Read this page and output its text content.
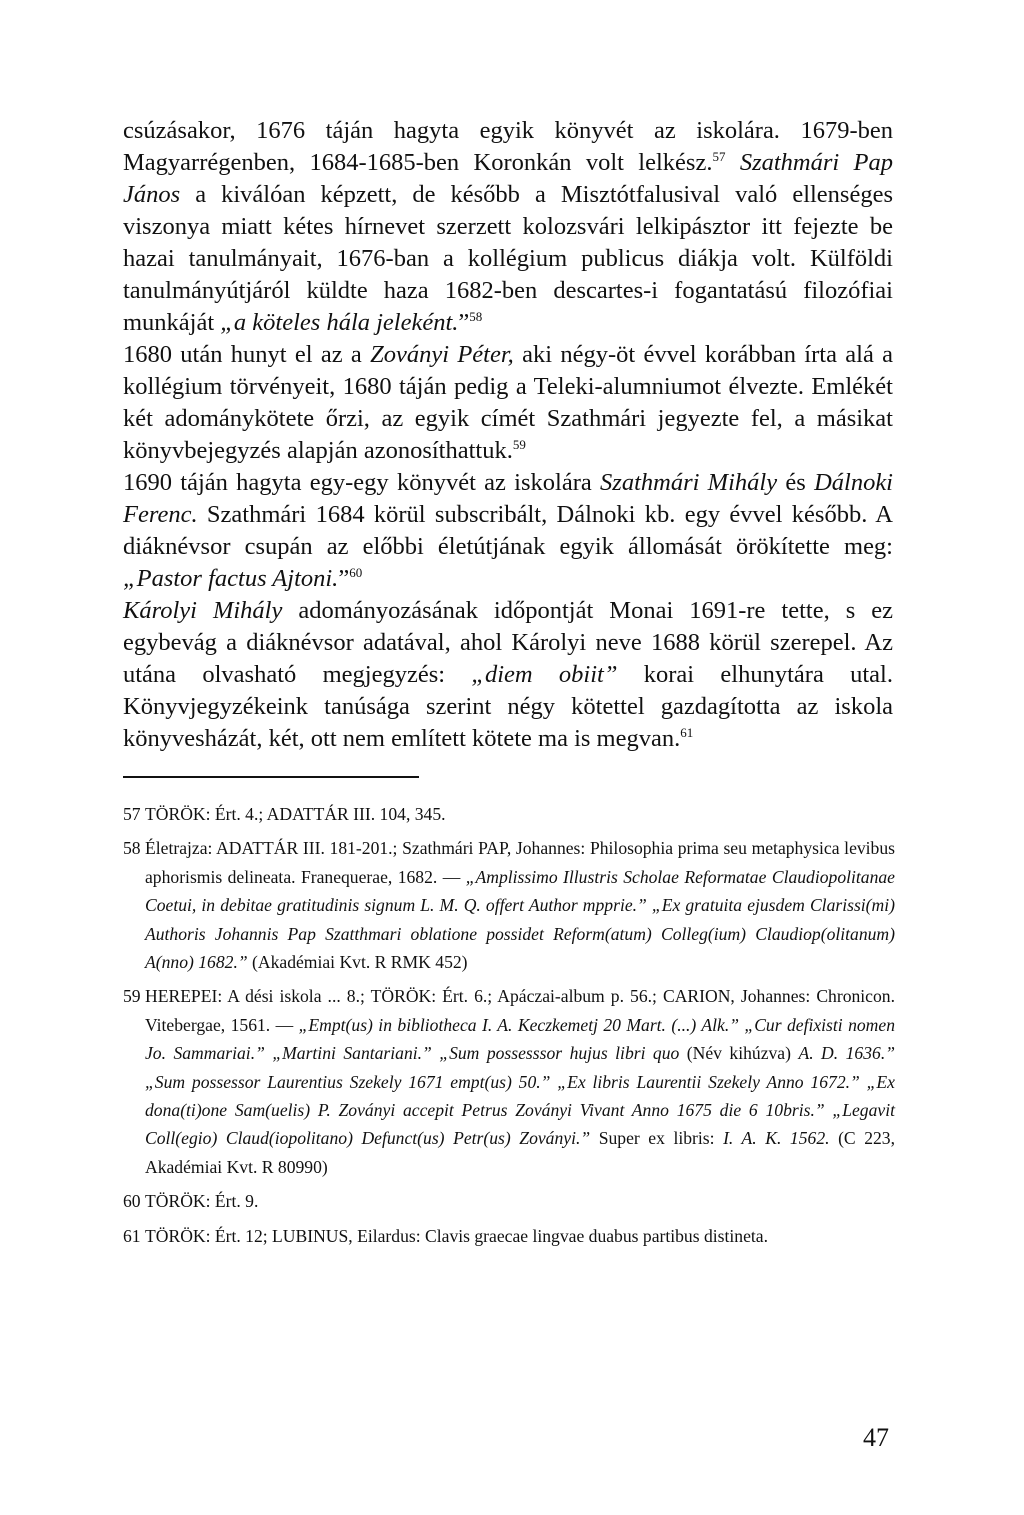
csúzásakor, 1676 táján hagyta egyik könyvét az iskolára. 1679-ben Magyarrégenben, 1684-1685-ben Koronkán volt lelkész.$^{57}$ Szathmári Pap János a kiválóan képzett, de később a Misztótfalusival való ellenséges viszonya miatt kétes hírnevet szerzett kolozsvári lelkipásztor itt fejezte be hazai tanulmányait, 1676-ban a kollégium publicus diákja volt. Külföldi tanulmányútjáról küldte haza 1682-ben descartes-i fogantatású filozófiai munkáját „a köteles hála jeleként.”$^{58}$

1680 után hunyt el az a Zoványi Péter, aki négy-öt évvel korábban írta alá a kollégium törvényeit, 1680 táján pedig a Teleki-alumniumot élvezte. Emlékét két adománykötete őrzi, az egyik címét Szathmári jegyezte fel, a másikat könyvbejegyzés alapján azonosíthattuk.$^{59}$

1690 táján hagyta egy-egy könyvét az iskolára Szathmári Mihály és Dálnoki Ferenc. Szathmári 1684 körül subscribált, Dálnoki kb. egy évvel később. A diáknévsor csupán az előbbi életútjának egyik állomását örökítette meg: „Pastor factus Ajtoni.”$^{60}$

Károlyi Mihály adományozásának időpontját Monai 1691-re tette, s ez egybevág a diáknévsor adatával, ahol Károlyi neve 1688 körül szerepel. Az utána olvasható megjegyzés: „diem obiit” korai elhunytára utal. Könyvjegyzékeink tanúsága szerint négy kötettel gazdagította az iskola könyvesházát, két, ott nem említett kötete ma is megvan.$^{61}$

57 TÖRÖK: Ért. 4.; ADATTÁR III. 104, 345.
58 Életrajza: ADATTÁR III. 181-201.; Szathmári PAP, Johannes: Philosophia prima seu metaphysica levibus aphorismis delineata. Franequerae, 1682. — „Amplissimo Illustris Scholae Reformatae Claudiopolitanae Coetui, in debitae gratitudinis signum L. M. Q. offert Author mpprie.” „Ex gratuita ejusdem Clarissi(mi) Authoris Johannis Pap Szatthmari oblatione possidet Reform(atum) Colleg(ium) Claudiop(olitanum) A(nno) 1682.” (Akadémiai Kvt. R RMK 452)
59 HEREPEI: A dési iskola ... 8.; TÖRÖK: Ért. 6.; Apáczai-album p. 56.; CARION, Johannes: Chronicon. Vitebergae, 1561. — „Empt(us) in bibliotheca I. A. Keczkemetj 20 Mart. (...) Alk.” „Cur defixisti nomen Jo. Sammariai.” „Martini Santariani.” „Sum possesssor hujus libri quo (Név kihúzva) A. D. 1636.” „Sum possessor Laurentius Szekely 1671 empt(us) 50.” „Ex libris Laurentii Szekely Anno 1672.” „Ex dona(ti)one Sam(uelis) P. Zoványi accepit Petrus Zoványi Vivant Anno 1675 die 6 10bris.” „Legavit Coll(egio) Claud(iopolitano) Defunct(us) Petr(us) Zoványi.” Super ex libris: I. A. K. 1562. (C 223, Akadémiai Kvt. R 80990)
60 TÖRÖK: Ért. 9.
61 TÖRÖK: Ért. 12; LUBINUS, Eilardus: Clavis graecae lingvae duabus partibus distineta.
47
